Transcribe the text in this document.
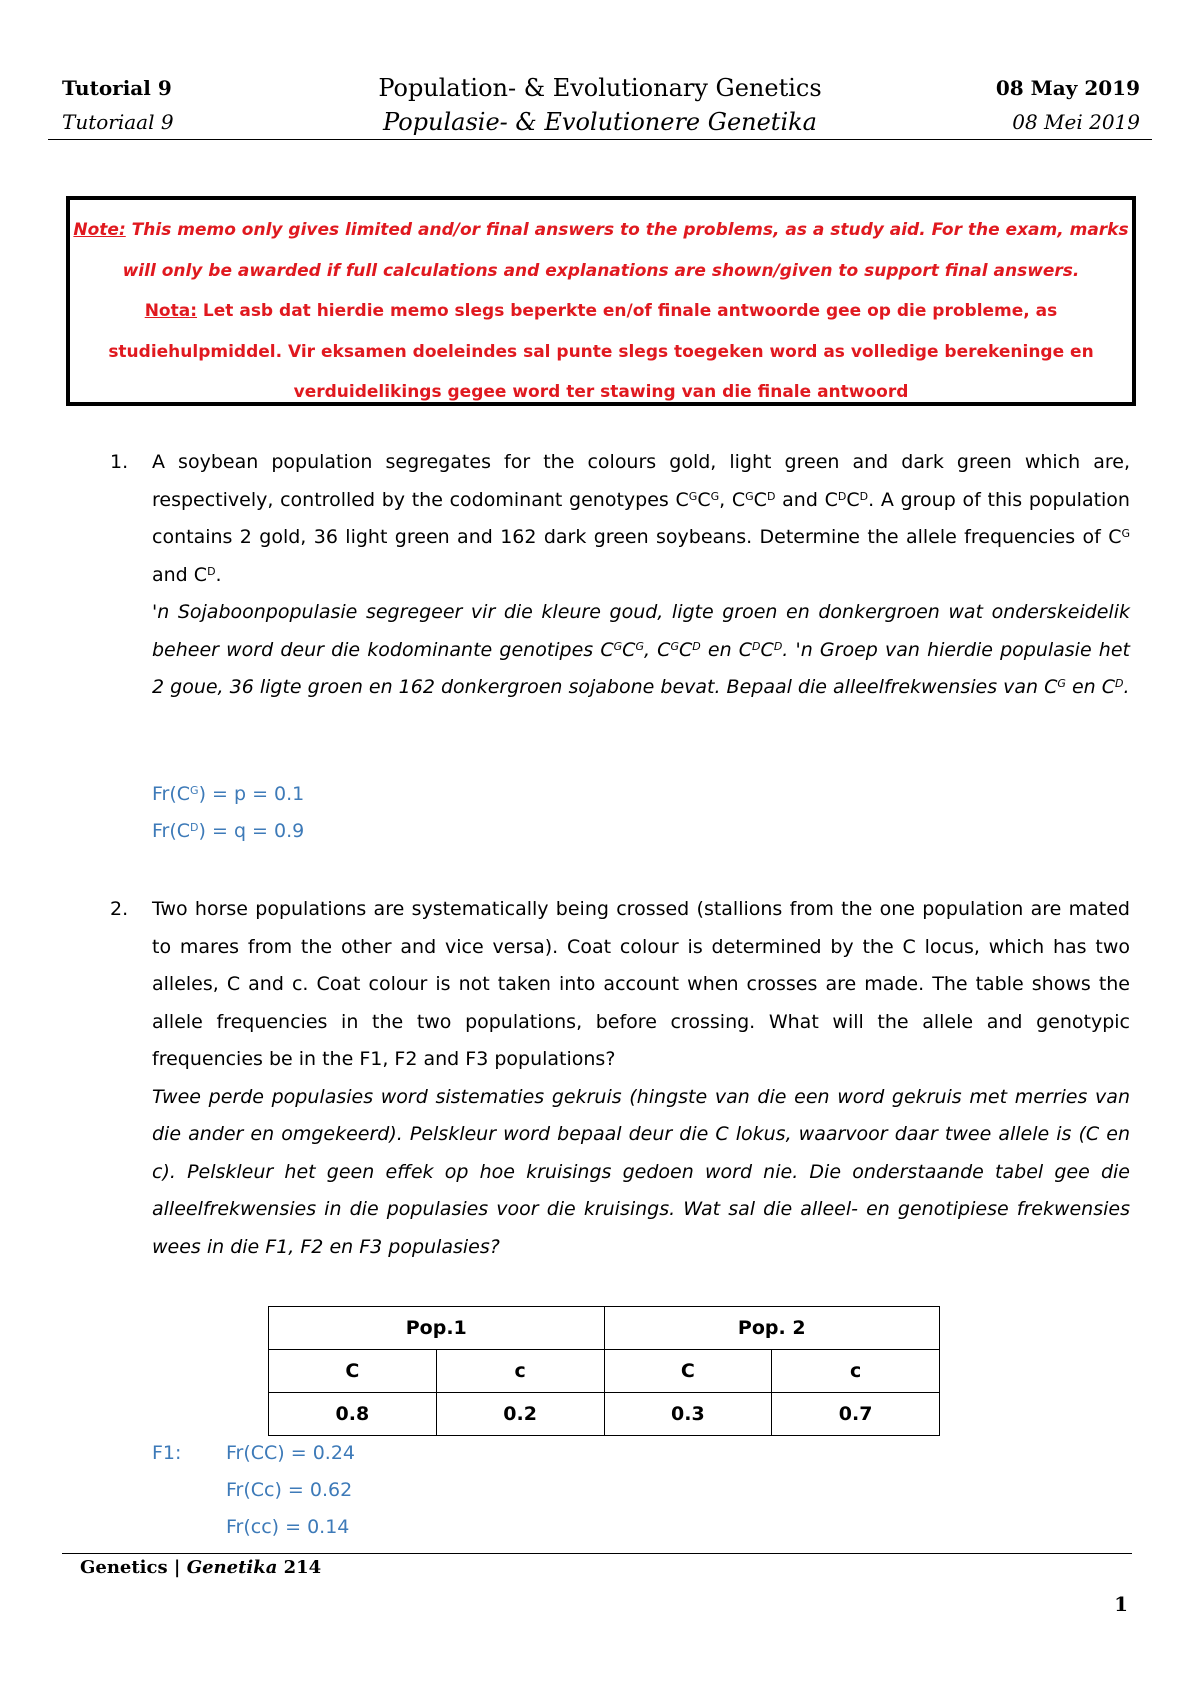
Tutorial 9
Tutoriaal 9
Population- & Evolutionary Genetics
Populasie- & Evolutionere Genetika
08 May 2019
08 Mei 2019
Note: This memo only gives limited and/or final answers to the problems, as a study aid. For the exam, marks
will only be awarded if full calculations and explanations are shown/given to support final answers.
Nota: Let asb dat hierdie memo slegs beperkte en/of finale antwoorde gee op die probleme, as
studiehulpmiddel. Vir eksamen doeleindes sal punte slegs toegeken word as volledige berekeninge en
verduidelikings gegee word ter stawing van die finale antwoord
1. A soybean population segregates for the colours gold, light green and dark green which are, respectively, controlled by the codominant genotypes $C^GC^G$, $C^GC^D$ and $C^DC^D$. A group of this population contains 2 gold, 36 light green and 162 dark green soybeans. Determine the allele frequencies of $C^G$ and $C^D$.
'n Sojaboonpopulasie segregeer vir die kleure goud, ligte groen en donkergroen wat onderskeidelik beheer word deur die kodominante genotipes $C^GC^G$, $C^GC^D$ en $C^DC^D$. 'n Groep van hierdie populasie het 2 goue, 36 ligte groen en 162 donkergroen sojabone bevat. Bepaal die alleelfrekwensies van $C^G$ en $C^D$.
$Fr(C^G) = p = 0.1$
$Fr(C^D) = q = 0.9$
2. Two horse populations are systematically being crossed (stallions from the one population are mated to mares from the other and vice versa). Coat colour is determined by the C locus, which has two alleles, C and c. Coat colour is not taken into account when crosses are made. The table shows the allele frequencies in the two populations, before crossing. What will the allele and genotypic frequencies be in the F1, F2 and F3 populations?
Twee perde populasies word sistematies gekruis (hingste van die een word gekruis met merries van die ander en omgekeerd). Pelskleur word bepaal deur die C lokus, waarvoor daar twee allele is (C en c). Pelskleur het geen effek op hoe kruisings gedoen word nie. Die onderstaande tabel gee die alleelfrekwensies in die populasies voor die kruisings. Wat sal die alleel- en genotipiese frekwensies wees in die F1, F2 en F3 populasies?
Pop.1		Pop. 2	
C	c	C	c
0.8	0.2	0.3	0.7
F1: Fr(CC) = 0.24
Fr(Cc) = 0.62
Fr(cc) = 0.14
Genetics | Genetika 214
1
